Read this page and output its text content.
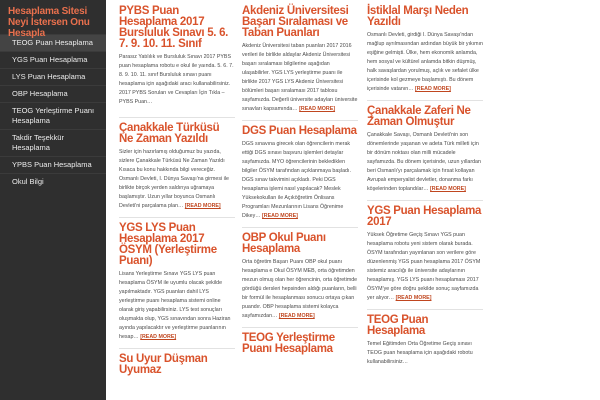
Hesaplama Sitesi Neyi İstersen Onu Hesapla
TEOG Puan Hesaplama
YGS Puan Hesaplama
LYS Puan Hesaplama
OBP Hesaplama
TEOG Yerleştirme Puanı Hesaplama
Takdir Teşekkür Hesaplama
YPBS Puan Hesaplama
Okul Bilgi
PYBS Puan Hesaplama 2017 Bursluluk Sınavı 5. 6. 7. 9. 10. 11. Sınıf

Parasız Yatılılık ve Bursluluk Sınavı 2017 PYBS puan hesaplama robotu e okul ile yaında. 5. 6. 7. 8. 9. 10. 11. sınıf Bursluluk sınavı puanı hesaplama için aşağıdaki aracı kullanabilirsiniz. 2017 PYBS Soruları ve Cevapları İçin Tıkla – PYBS Puan…

Çanakkale Türküsü Ne Zaman Yazıldı

Sizler için hazırlamış olduğumuz bu yazıda, sizlere Çanakkale Türküsü Ne Zaman Yazıldı Kısaca bu konu hakkında bilgi vereceğiz. Osmanlı Devleti, I. Dünya Savaşı'na girmesi ile birlikte birçok yerden saldırıya uğramaya başlamıştır. Uzun yıllar boyunca Osmanlı Devleti'ni parçalama plan… [READ MORE]

YGS LYS Puan Hesaplama 2017 ÖSYM (Yerleştirme Puanı)

Lisans Yerleştirme Sınavı YGS LYS puan hesaplama ÖSYM ile uyumlu olacak şekilde yapılmaktadır. YGS puanları dahil LYS yerleştirme puanı hesaplama sistemi online olarak giriş yapabilirsiniz. LYS test sonuçları oluşmakta olup, YGS sınavından sonra Haziran ayında yapılacaktır ve yerleştirme puanlarının hesap… [READ MORE]

Su Uyur Düşman Uyumaz
Akdeniz Üniversitesi Başarı Sıralaması ve Taban Puanları

Akdeniz Üniversitesi taban puanları 2017 2016 verileri ile birlikte aldaylar Akdeniz Üniversitesi başarı sıralaması bilgilerine aşağıdan ulaşabilirler. YGS LYS yerleştirme puanı ile birlikte 2017 YGS LYS Akdeniz Üniversitesi bölümleri başarı sıralaması 2017 tablosu sayfamızda. Değerli üniversite adayları üniversite sınavları kapsamında… [READ MORE]

DGS Puan Hesaplama

DGS sınavına girecek olan öğrencilerin merak ettiği DGS sınavı başvuru işlemleri detaylar sayfamızda. MYO öğrencilerinin beklediklen bilgiler ÖSYM tarafından açıklanmaya başladı. DGS sınav takvimini açıkladı. Peki DGS hesaplama işlemi nasıl yapılacak? Meslek Yüksekokulları ile Açıköğretim Önlisans Programları Mezunlarının Lisans Öğrenime Dikey… [READ MORE]

OBP Okul Puanı Hesaplama

Orta öğretim Başarı Puanı OBP okul puanı hesaplama e Okul ÖSYM MEB, orta öğretimden mezun olmuş olan her öğrencinin, orta öğretimde gördüğü dersleri hepsinden aldığı puanların, belli bir formül ile hesaplanması sonucu ortaya çıkan puandır. OBP hesaplama sistemi kolayca sayfamızdan… [READ MORE]

TEOG Yerleştirme Puanı Hesaplama
İstiklal Marşı Neden Yazıldı

Osmanlı Devleti, girdiği I. Dünya Savaşı'ndan mağlup ayrılmasından ardından büyük bir yıkımın eşiğine gelmişti. Ülke, hem ekonomik anlamda, hem sosyal ve kültürel anlamda bitkin düşmüş, halk savaşlardan yorulmuş, açlık ve sefalet ülke içerisinde kol gezmeye başlamıştı. Bu dönem içerisinde vatanın… [READ MORE]

Çanakkale Zaferi Ne Zaman Olmuştur

Çanakkale Savaşı, Osmanlı Devleti'nin son dönemlerinde yaşanan ve adeta Türk milleti için bir dönüm noktası olan milli mücadele sayfamızda. Bu dönem içerisinde, uzun yıllardan beri Osmanlı'yı parçalamak için fırsat kollayan Avrupalı emperyalist devletler, donanma farkı köşelerinden toplandılar… [READ MORE]

YGS Puan Hesaplama 2017

Yüksek Öğretime Geçiş Sınavı YGS puan hesaplama robotu yeni sistem olarak burada. ÖSYM tarafından yayınlanan son verilere göre düzenlenmiş YGS puan hesaplama 2017 ÖSYM sistemiz aracılığı ile üniversite adaylarının hesaplamış. YGS LYS puanı hesaplaması 2017 ÖSYM'ye göre doğru şekilde sonuç sayfamızda yer alıyor… [READ MORE]

TEOG Puan Hesaplama

Temel Eğitimden Orta Öğretime Geçiş sınavı TEOG puan hesaplama için aşağıdaki robotu kullanabilirsiniz…
